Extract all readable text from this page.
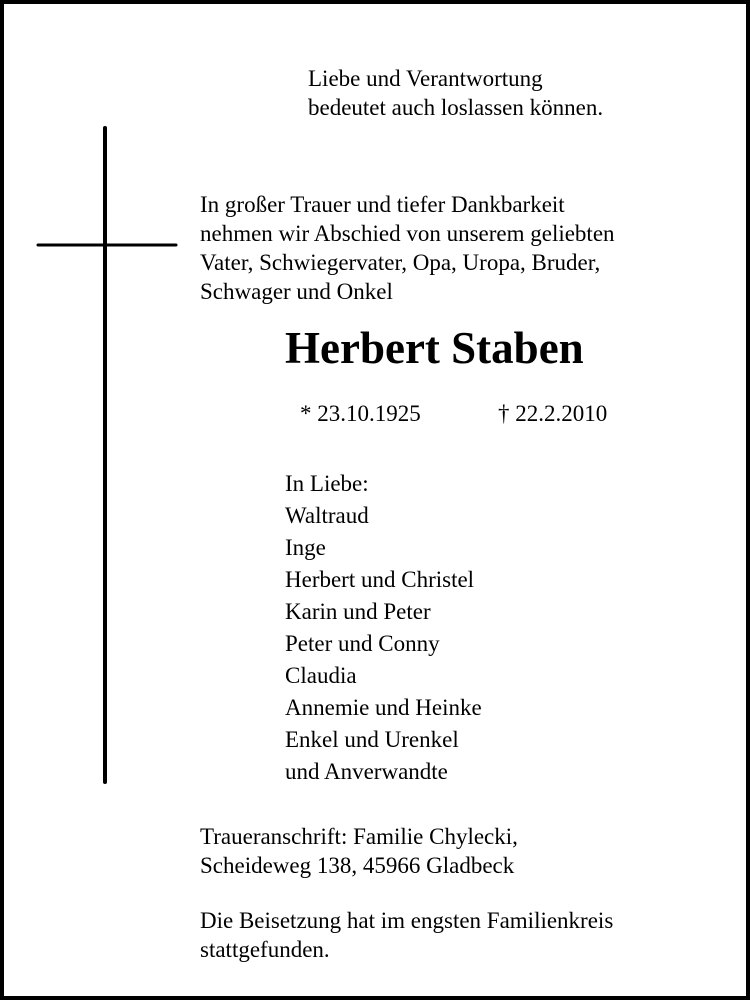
Liebe und Verantwortung
bedeutet auch loslassen können.
In großer Trauer und tiefer Dankbarkeit
nehmen wir Abschied von unserem geliebten
Vater, Schwiegervater, Opa, Uropa, Bruder,
Schwager und Onkel
Herbert Staben
* 23.10.1925	† 22.2.2010
In Liebe:
Waltraud
Inge
Herbert und Christel
Karin und Peter
Peter und Conny
Claudia
Annemie und Heinke
Enkel und Urenkel
und Anverwandte
Traueranschrift: Familie Chylecki,
Scheideweg 138, 45966 Gladbeck
Die Beisetzung hat im engsten Familienkreis
stattgefunden.
